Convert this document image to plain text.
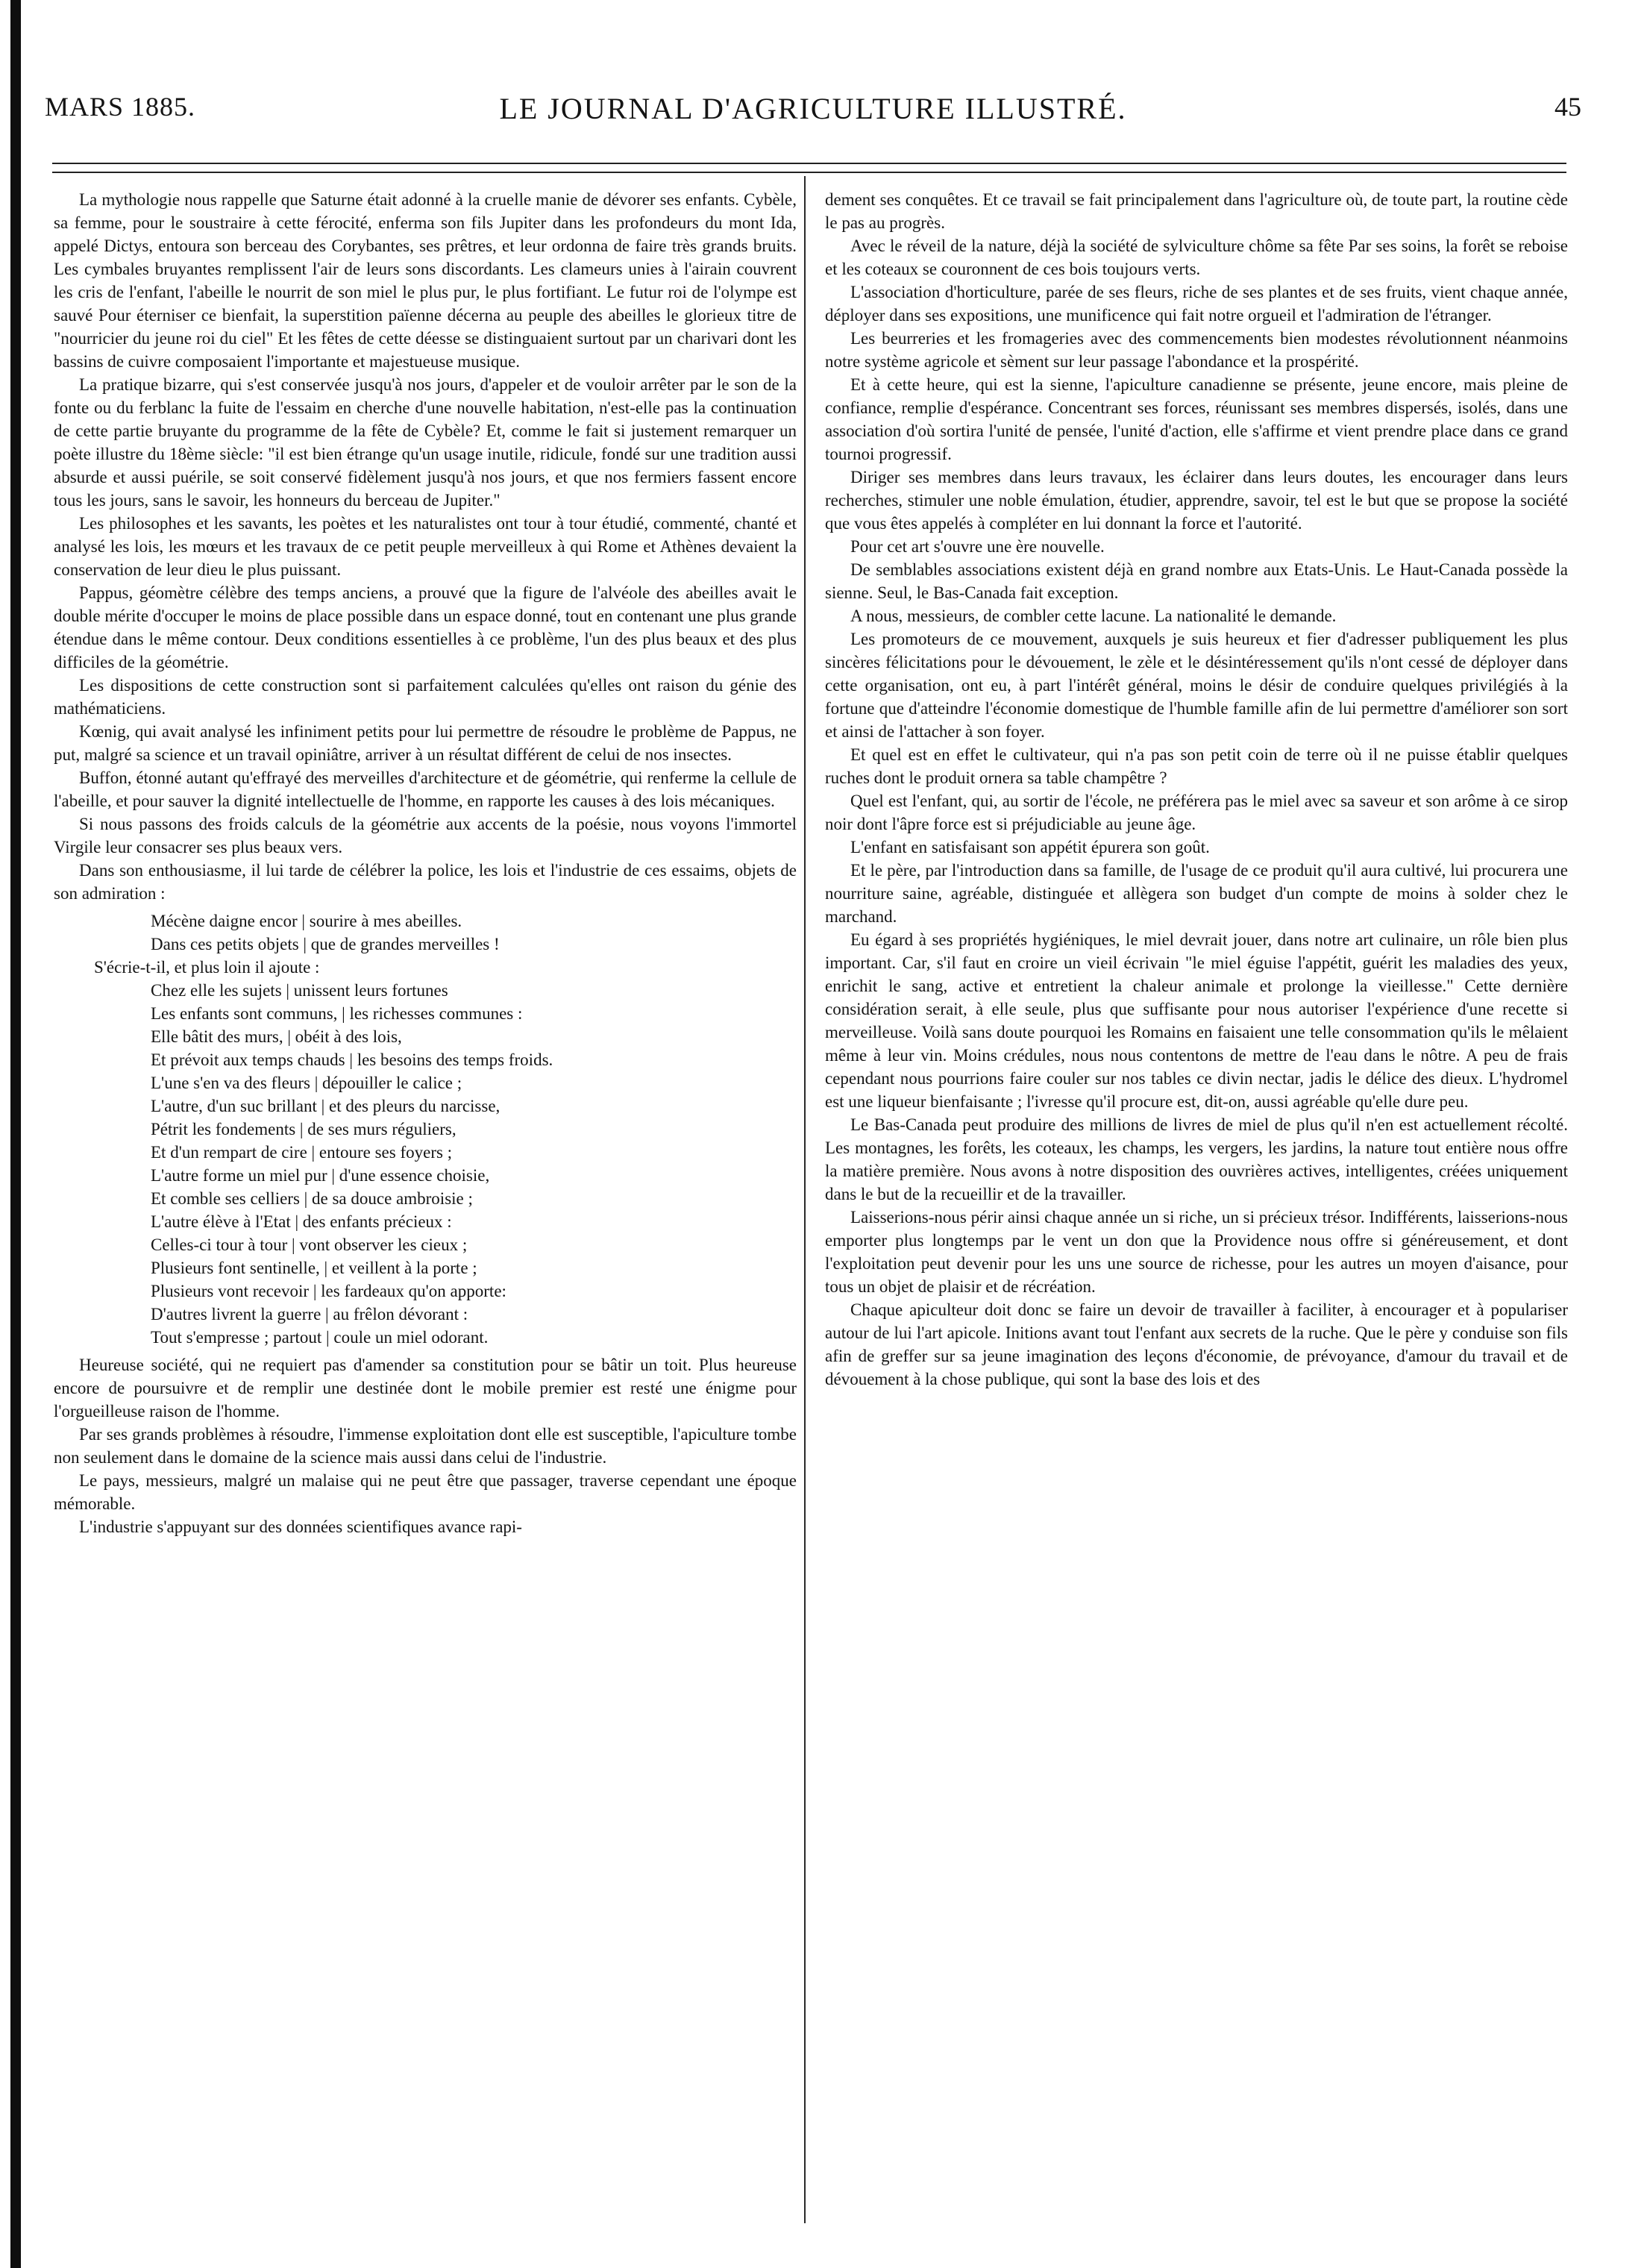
LE JOURNAL D'AGRICULTURE ILLUSTRÉ.
MARS 1885.	45

La mythologie nous rappelle que Saturne était adonné à la cruelle manie de dévorer ses enfants. Cybèle, sa femme, pour le soustraire à cette férocité, enferma son fils Jupiter dans les profondeurs du mont Ida, appelé Dictys, entoura son berceau des Corybantes, ses prêtres, et leur ordonna de faire très grands bruits. Les cymbales bruyantes remplissent l'air de leurs sons discordants. Les clameurs unies à l'airain couvrent les cris de l'enfant, l'abeille le nourrit de son miel le plus pur, le plus fortifiant. Le futur roi de l'olympe est sauvé Pour éterniser ce bienfait, la superstition païenne décerna au peuple des abeilles le glorieux titre de "nourricier du jeune roi du ciel" Et les fêtes de cette déesse se distinguaient surtout par un charivari dont les bassins de cuivre composaient l'importante et majestueuse musique.

La pratique bizarre, qui s'est conservée jusqu'à nos jours, d'appeler et de vouloir arrêter par le son de la fonte ou du ferblanc la fuite de l'essaim en cherche d'une nouvelle habitation, n'est-elle pas la continuation de cette partie bruyante du programme de la fête de Cybèle? Et, comme le fait si justement remarquer un poète illustre du 18ème siècle: "il est bien étrange qu'un usage inutile, ridicule, fondé sur une tradition aussi absurde et aussi puérile, se soit conservé fidèlement jusqu'à nos jours, et que nos fermiers fassent encore tous les jours, sans le savoir, les honneurs du berceau de Jupiter."

Les philosophes et les savants, les poètes et les naturalistes ont tour à tour étudié, commenté, chanté et analysé les lois, les mœurs et les travaux de ce petit peuple merveilleux à qui Rome et Athènes devaient la conservation de leur dieu le plus puissant.

Pappus, géomètre célèbre des temps anciens, a prouvé que la figure de l'alvéole des abeilles avait le double mérite d'occuper le moins de place possible dans un espace donné, tout en contenant une plus grande étendue dans le même contour. Deux conditions essentielles à ce problème, l'un des plus beaux et des plus difficiles de la géométrie.

Les dispositions de cette construction sont si parfaitement calculées qu'elles ont raison du génie des mathématiciens.

Kœnig, qui avait analysé les infiniment petits pour lui permettre de résoudre le problème de Pappus, ne put, malgré sa science et un travail opiniâtre, arriver à un résultat différent de celui de nos insectes.

Buffon, étonné autant qu'effrayé des merveilles d'architecture et de géométrie, qui renferme la cellule de l'abeille, et pour sauver la dignité intellectuelle de l'homme, en rapporte les causes à des lois mécaniques.

Si nous passons des froids calculs de la géométrie aux accents de la poésie, nous voyons l'immortel Virgile leur consacrer ses plus beaux vers.

Dans son enthousiasme, il lui tarde de célébrer la police, les lois et l'industrie de ces essaims, objets de son admiration :

Mécène daigne encor | sourire à mes abeilles.
Dans ces petits objets | que de grandes merveilles !
S'écrie-t-il, et plus loin il ajoute :
Chez elle les sujets | unissent leurs fortunes
Les enfants sont communs, | les richesses communes :
Elle bâtit des murs, | obéit à des lois,
Et prévoit aux temps chauds | les besoins des temps froids.
L'une s'en va des fleurs | dépouiller le calice ;
L'autre, d'un suc brillant | et des pleurs du narcisse,
Pétrit les fondements | de ses murs réguliers,
Et d'un rempart de cire | entoure ses foyers ;
L'autre forme un miel pur | d'une essence choisie,
Et comble ses celliers | de sa douce ambroisie ;
L'autre élève à l'Etat | des enfants précieux :
Celles-ci tour à tour | vont observer les cieux ;
Plusieurs font sentinelle, | et veillent à la porte ;
Plusieurs vont recevoir | les fardeaux qu'on apporte:
D'autres livrent la guerre | au frêlon dévorant :
Tout s'empresse ; partout | coule un miel odorant.

Heureuse société, qui ne requiert pas d'amender sa constitution pour se bâtir un toit. Plus heureuse encore de poursuivre et de remplir une destinée dont le mobile premier est resté une énigme pour l'orgueilleuse raison de l'homme.

Par ses grands problèmes à résoudre, l'immense exploitation dont elle est susceptible, l'apiculture tombe non seulement dans le domaine de la science mais aussi dans celui de l'industrie.

Le pays, messieurs, malgré un malaise qui ne peut être que passager, traverse cependant une époque mémorable.

L'industrie s'appuyant sur des données scientifiques avance rapi-

dement ses conquêtes. Et ce travail se fait principalement dans l'agriculture où, de toute part, la routine cède le pas au progrès.

Avec le réveil de la nature, déjà la société de sylviculture chôme sa fête Par ses soins, la forêt se reboise et les coteaux se couronnent de ces bois toujours verts.

L'association d'horticulture, parée de ses fleurs, riche de ses plantes et de ses fruits, vient chaque année, déployer dans ses expositions, une munificence qui fait notre orgueil et l'admiration de l'étranger.

Les beurreries et les fromageries avec des commencements bien modestes révolutionnent néanmoins notre système agricole et sèment sur leur passage l'abondance et la prospérité.

Et à cette heure, qui est la sienne, l'apiculture canadienne se présente, jeune encore, mais pleine de confiance, remplie d'espérance. Concentrant ses forces, réunissant ses membres dispersés, isolés, dans une association d'où sortira l'unité de pensée, l'unité d'action, elle s'affirme et vient prendre place dans ce grand tournoi progressif.

Diriger ses membres dans leurs travaux, les éclairer dans leurs doutes, les encourager dans leurs recherches, stimuler une noble émulation, étudier, apprendre, savoir, tel est le but que se propose la société que vous êtes appelés à compléter en lui donnant la force et l'autorité.

Pour cet art s'ouvre une ère nouvelle.

De semblables associations existent déjà en grand nombre aux Etats-Unis. Le Haut-Canada possède la sienne. Seul, le Bas-Canada fait exception.

A nous, messieurs, de combler cette lacune. La nationalité le demande.

Les promoteurs de ce mouvement, auxquels je suis heureux et fier d'adresser publiquement les plus sincères félicitations pour le dévouement, le zèle et le désintéressement qu'ils n'ont cessé de déployer dans cette organisation, ont eu, à part l'intérêt général, moins le désir de conduire quelques privilégiés à la fortune que d'atteindre l'économie domestique de l'humble famille afin de lui permettre d'améliorer son sort et ainsi de l'attacher à son foyer.

Et quel est en effet le cultivateur, qui n'a pas son petit coin de terre où il ne puisse établir quelques ruches dont le produit ornera sa table champêtre ?

Quel est l'enfant, qui, au sortir de l'école, ne préférera pas le miel avec sa saveur et son arôme à ce sirop noir dont l'âpre force est si préjudiciable au jeune âge.

L'enfant en satisfaisant son appétit épurera son goût.

Et le père, par l'introduction dans sa famille, de l'usage de ce produit qu'il aura cultivé, lui procurera une nourriture saine, agréable, distinguée et allègera son budget d'un compte de moins à solder chez le marchand.

Eu égard à ses propriétés hygiéniques, le miel devrait jouer, dans notre art culinaire, un rôle bien plus important. Car, s'il faut en croire un vieil écrivain "le miel éguise l'appétit, guérit les maladies des yeux, enrichit le sang, active et entretient la chaleur animale et prolonge la vieillesse." Cette dernière considération serait, à elle seule, plus que suffisante pour nous autoriser l'expérience d'une recette si merveilleuse. Voilà sans doute pourquoi les Romains en faisaient une telle consommation qu'ils le mêlaient même à leur vin. Moins crédules, nous nous contentons de mettre de l'eau dans le nôtre. A peu de frais cependant nous pourrions faire couler sur nos tables ce divin nectar, jadis le délice des dieux. L'hydromel est une liqueur bienfaisante ; l'ivresse qu'il procure est, dit-on, aussi agréable qu'elle dure peu.

Le Bas-Canada peut produire des millions de livres de miel de plus qu'il n'en est actuellement récolté. Les montagnes, les forêts, les coteaux, les champs, les vergers, les jardins, la nature tout entière nous offre la matière première. Nous avons à notre disposition des ouvrières actives, intelligentes, créées uniquement dans le but de la recueillir et de la travailler.

Laisserions-nous périr ainsi chaque année un si riche, un si précieux trésor. Indifférents, laisserions-nous emporter plus longtemps par le vent un don que la Providence nous offre si généreusement, et dont l'exploitation peut devenir pour les uns une source de richesse, pour les autres un moyen d'aisance, pour tous un objet de plaisir et de récréation.

Chaque apiculteur doit donc se faire un devoir de travailler à faciliter, à encourager et à populariser autour de lui l'art apicole. Initions avant tout l'enfant aux secrets de la ruche. Que le père y conduise son fils afin de greffer sur sa jeune imagination des leçons d'économie, de prévoyance, d'amour du travail et de dévouement à la chose publique, qui sont la base des lois et des
